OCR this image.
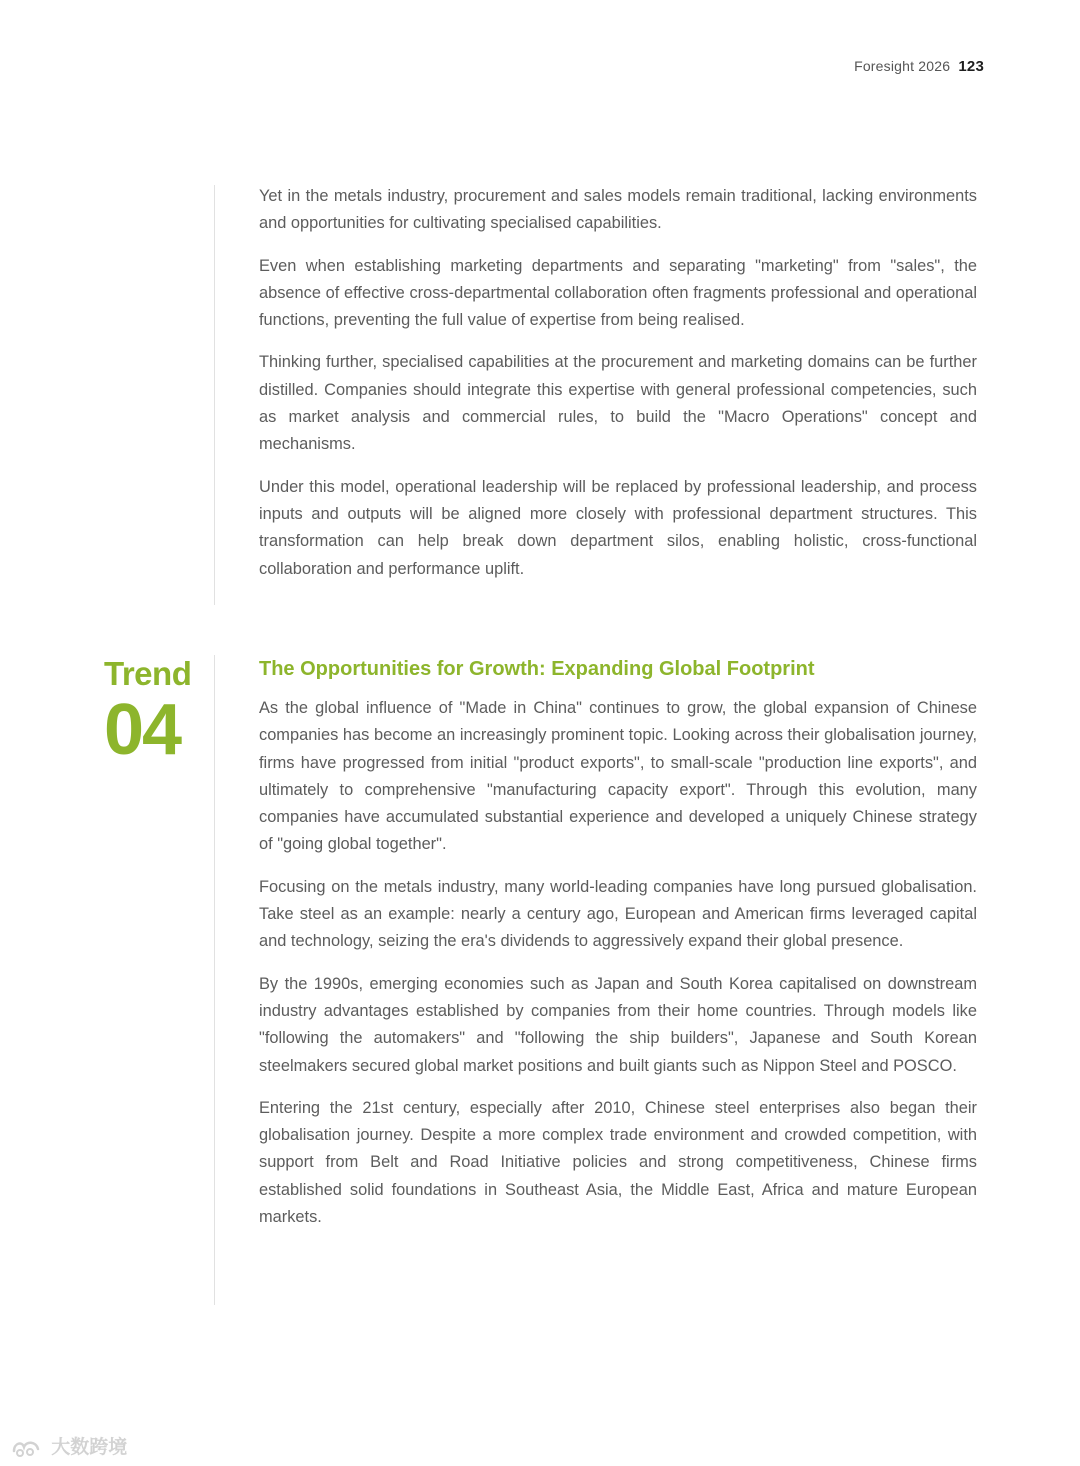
Foresight 2026 123

Yet in the metals industry, procurement and sales models remain traditional, lacking environments and opportunities for cultivating specialised capabilities.

Even when establishing marketing departments and separating "marketing" from "sales", the absence of effective cross-departmental collaboration often fragments professional and operational functions, preventing the full value of expertise from being realised.

Thinking further, specialised capabilities at the procurement and marketing domains can be further distilled. Companies should integrate this expertise with general professional competencies, such as market analysis and commercial rules, to build the "Macro Operations" concept and mechanisms.

Under this model, operational leadership will be replaced by professional leadership, and process inputs and outputs will be aligned more closely with professional department structures. This transformation can help break down department silos, enabling holistic, cross-functional collaboration and performance uplift.

Trend
04
The Opportunities for Growth: Expanding Global Footprint

As the global influence of "Made in China" continues to grow, the global expansion of Chinese companies has become an increasingly prominent topic. Looking across their globalisation journey, firms have progressed from initial "product exports", to small-scale "production line exports", and ultimately to comprehensive "manufacturing capacity export". Through this evolution, many companies have accumulated substantial experience and developed a uniquely Chinese strategy of "going global together".

Focusing on the metals industry, many world-leading companies have long pursued globalisation. Take steel as an example: nearly a century ago, European and American firms leveraged capital and technology, seizing the era's dividends to aggressively expand their global presence.

By the 1990s, emerging economies such as Japan and South Korea capitalised on downstream industry advantages established by companies from their home countries. Through models like "following the automakers" and "following the ship builders", Japanese and South Korean steelmakers secured global market positions and built giants such as Nippon Steel and POSCO.

Entering the 21st century, especially after 2010, Chinese steel enterprises also began their globalisation journey. Despite a more complex trade environment and crowded competition, with support from Belt and Road Initiative policies and strong competitiveness, Chinese firms established solid foundations in Southeast Asia, the Middle East, Africa and mature European markets.

大数跨境
